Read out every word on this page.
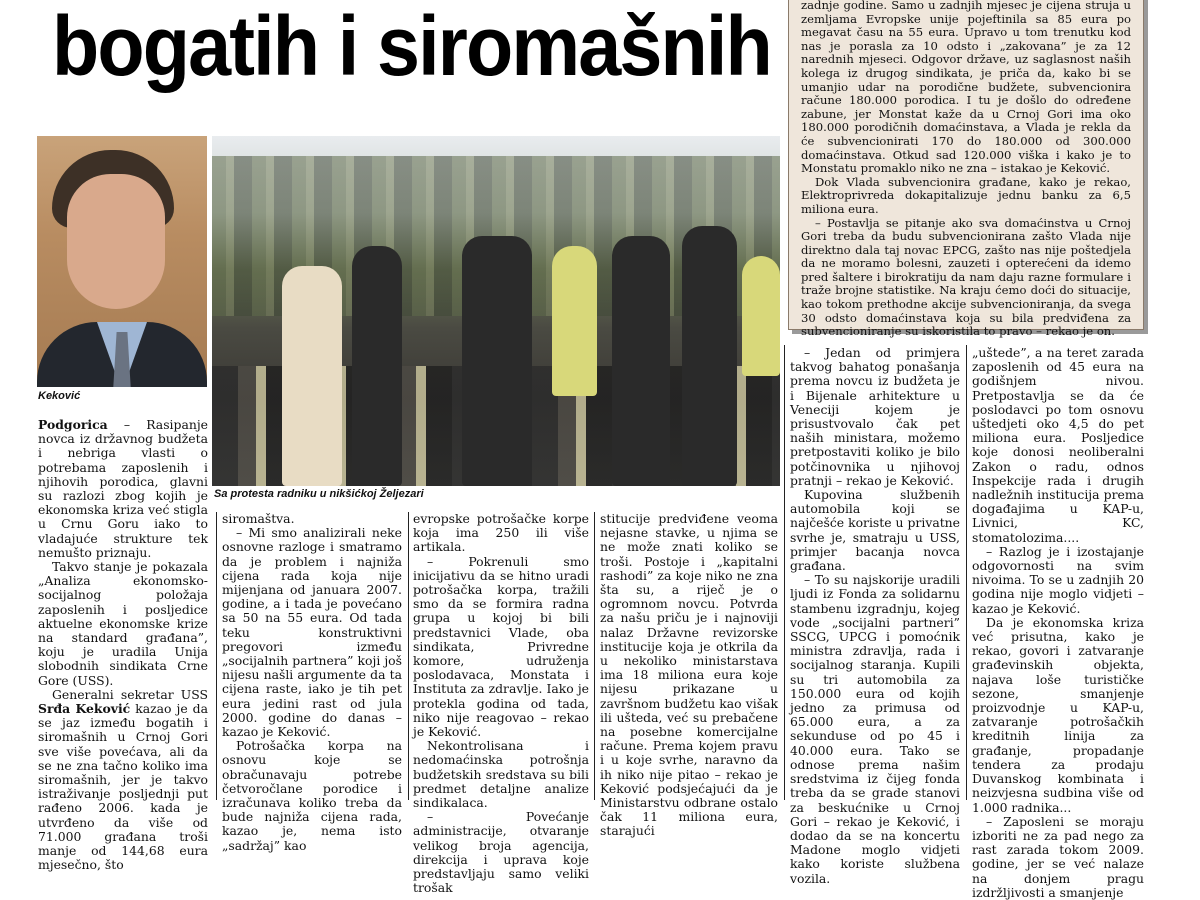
bogatih i siromašnih	zadnje godine. Samo u zadnjih mjesec je cijena struja u zemljama Evropske unije pojeftinila sa 85 eura po megavat času na 55 eura. Upravo u tom trenutku kod nas je porasla za 10 odsto i „zakovana” je za 12 narednih mjeseci. Odgovor države, uz saglasnost naših kolega iz drugog sindikata, je priča da, kako bi se umanjio udar na porodične budžete, subvencionira račune 180.000 porodica. I tu je došlo do određene zabune, jer Monstat kaže da u Crnoj Gori ima oko 180.000 porodičnih domaćinstava, a Vlada je rekla da će subvencionirati 170 do 180.000 od 300.000 domaćinstava. Otkud sad 120.000 viška i kako je to Monstatu promaklo niko ne zna – istakao je Keković.

Dok Vlada subvencionira građane, kako je rekao, Elektroprivreda dokapitalizuje jednu banku za 6,5 miliona eura.

– Postavlja se pitanje ako sva domaćinstva u Crnoj Gori treba da budu subvencionirana zašto Vlada nije direktno dala taj novac EPCG, zašto nas nije poštedjela da ne moramo bolesni, zauzeti i opterećeni da idemo pred šaltere i birokratiju da nam daju razne formulare i traže brojne statistike. Na kraju ćemo doći do situacije, kao tokom prethodne akcije subvencioniranja, da svega 30 odsto domaćinstava koja su bila predviđena za subvencioniranje su iskoristila to pravo – rekao je on.

Keković
Sa protesta radniku u nikšićkoj Željezari

Podgorica – Rasipanje novca iz državnog budžeta i nebriga vlasti o potrebama zaposlenih i njihovih porodica, glavni su razlozi zbog kojih je ekonomska kriza već stigla u Crnu Goru iako to vladajuće strukture tek nemušto priznaju.

Takvo stanje je pokazala „Analiza ekonomsko-socijalnog položaja zaposlenih i posljedice aktuelne ekonomske krize na standard građana”, koju je uradila Unija slobodnih sindikata Crne Gore (USS).

Generalni sekretar USS Srđa Keković kazao je da se jaz između bogatih i siromašnih u Crnoj Gori sve više povećava, ali da se ne zna tačno koliko ima siromašnih, jer je takvo istraživanje posljednji put rađeno 2006. kada je utvrđeno da više od 71.000 građana troši manje od 144,68 eura mjesečno, što

siromaštva.

– Mi smo analizirali neke osnovne razloge i smatramo da je problem i najniža cijena rada koja nije mijenjana od januara 2007. godine, a i tada je povećano sa 50 na 55 eura. Od tada teku konstruktivni pregovori između „socijalnih partnera” koji još nijesu našli argumente da ta cijena raste, iako je tih pet eura jedini rast od jula 2000. godine do danas – kazao je Keković.

Potrošačka korpa na osnovu koje se obračunavaju potrebe četvoročlane porodice i izračunava koliko treba da bude najniža cijena rada, kazao je, nema isto „sadržaj” kao

evropske potrošačke korpe koja ima 250 ili više artikala.

– Pokrenuli smo inicijativu da se hitno uradi potrošačka korpa, tražili smo da se formira radna grupa u kojoj bi bili predstavnici Vlade, oba sindikata, Privredne komore, udruženja poslodavaca, Monstata i Instituta za zdravlje. Iako je protekla godina od tada, niko nije reagovao – rekao je Keković.

Nekontrolisana i nedomaćinska potrošnja budžetskih sredstava su bili predmet detaljne analize sindikalaca.

– Povećanje administracije, otvaranje velikog broja agencija, direkcija i uprava koje predstavljaju samo veliki trošak

stitucije predviđene veoma nejasne stavke, u njima se ne može znati koliko se troši. Postoje i „kapitalni rashodi” za koje niko ne zna šta su, a riječ je o ogromnom novcu. Potvrda za našu priču je i najnoviji nalaz Državne revizorske institucije koja je otkrila da u nekoliko ministarstava ima 18 miliona eura koje nijesu prikazane u završnom budžetu kao višak ili ušteda, već su prebačene na posebne komercijalne račune. Prema kojem pravu i u koje svrhe, naravno da ih niko nije pitao – rekao je Keković podsjećajući da je Ministarstvu odbrane ostalo čak 11 miliona eura, starajući

– Jedan od primjera takvog bahatog ponašanja prema novcu iz budžeta je i Bijenale arhitekture u Veneciji kojem je prisustvovalo čak pet naših ministara, možemo pretpostaviti koliko je bilo potčinovnika u njihovoj pratnji – rekao je Keković.

Kupovina službenih automobila koji se najčešće koriste u privatne svrhe je, smatraju u USS, primjer bacanja novca građana.

– To su najskorije uradili ljudi iz Fonda za solidarnu stambenu izgradnju, kojeg vode „socijalni partneri” SSCG, UPCG i pomoćnik ministra zdravlja, rada i socijalnog staranja. Kupili su tri automobila za 150.000 eura od kojih jedno za primusa od 65.000 eura, a za sekunduse od po 45 i 40.000 eura. Tako se odnose prema našim sredstvima iz čijeg fonda treba da se grade stanovi za beskućnike u Crnoj Gori – rekao je Keković, i dodao da se na koncertu Madone moglo vidjeti kako koriste službena vozila.

„uštede”, a na teret zarada zaposlenih od 45 eura na godišnjem nivou. Pretpostavlja se da će poslodavci po tom osnovu uštedjeti oko 4,5 do pet miliona eura. Posljedice koje donosi neoliberalni Zakon o radu, odnos Inspekcije rada i drugih nadležnih institucija prema događajima u KAP-u, Livnici, KC, stomatolozima....

– Razlog je i izostajanje odgovornosti na svim nivoima. To se u zadnjih 20 godina nije moglo vidjeti – kazao je Keković.

Da je ekonomska kriza već prisutna, kako je rekao, govori i zatvaranje građevinskih objekta, najava loše turističke sezone, smanjenje proizvodnje u KAP-u, zatvaranje potrošačkih kreditnih linija za građanje, propadanje tendera za prodaju Duvanskog kombinata i neizvjesna sudbina više od 1.000 radnika...

– Zaposleni se moraju izboriti ne za pad nego za rast zarada tokom 2009. godine, jer se već nalaze na donjem pragu izdržljivosti a smanjenje
